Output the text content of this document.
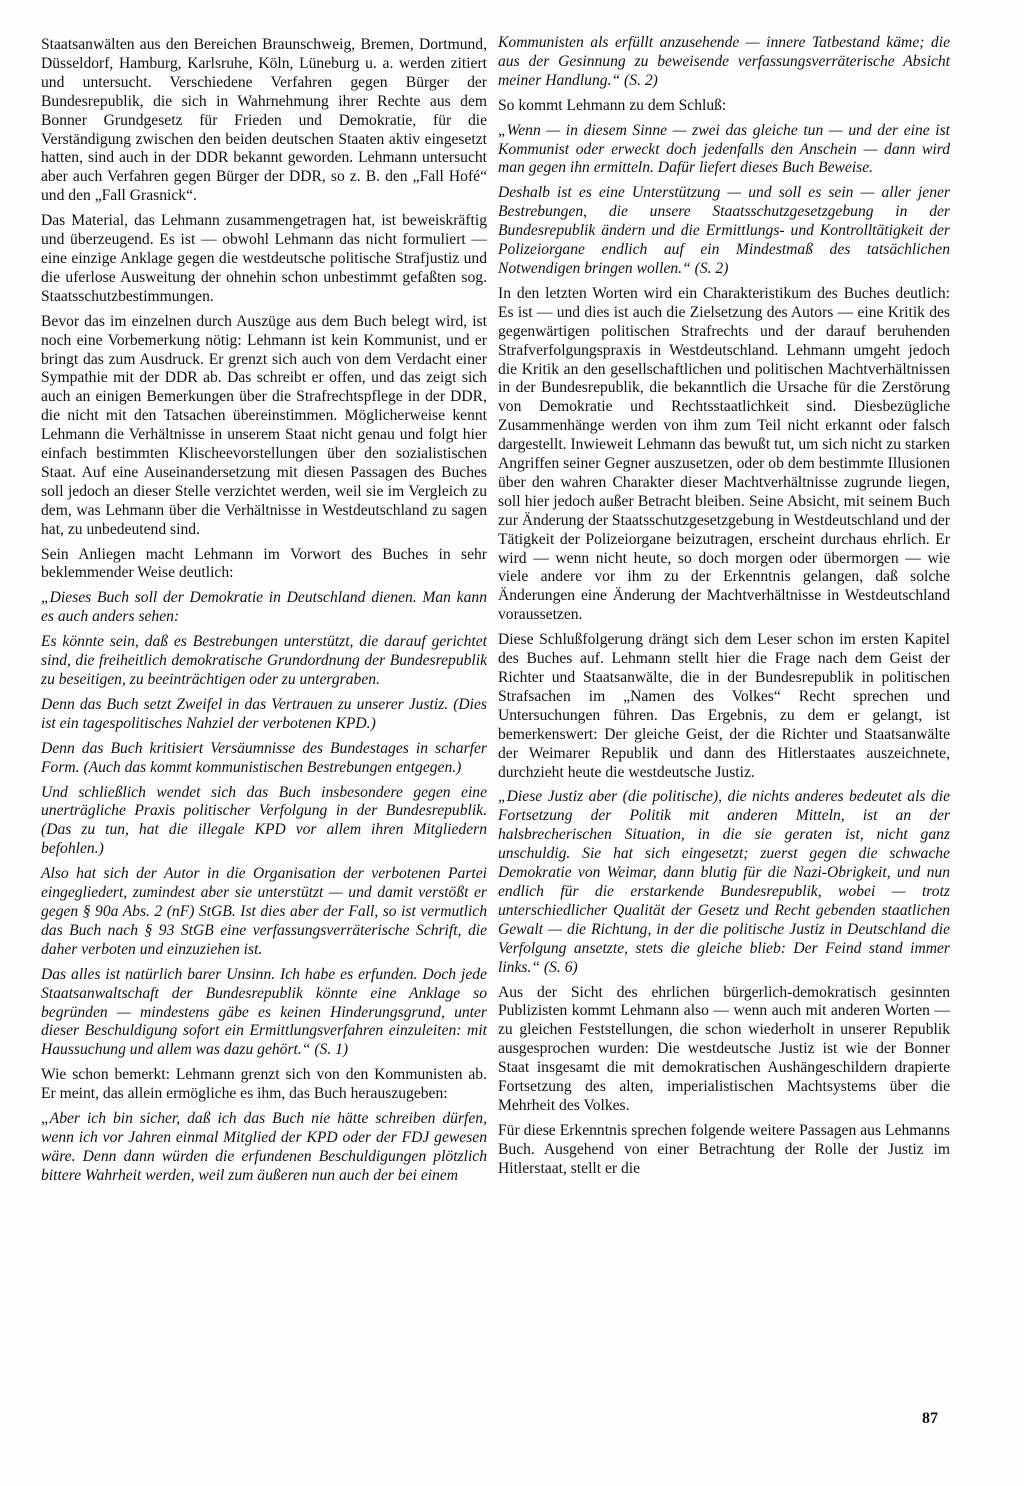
Staatsanwälten aus den Bereichen Braunschweig, Bremen, Dortmund, Düsseldorf, Hamburg, Karlsruhe, Köln, Lüneburg u. a. werden zitiert und untersucht. Verschiedene Verfahren gegen Bürger der Bundesrepublik, die sich in Wahrnehmung ihrer Rechte aus dem Bonner Grundgesetz für Frieden und Demokratie, für die Verständigung zwischen den beiden deutschen Staaten aktiv eingesetzt hatten, sind auch in der DDR bekannt geworden. Lehmann untersucht aber auch Verfahren gegen Bürger der DDR, so z. B. den „Fall Hofé“ und den „Fall Grasnick“.

Das Material, das Lehmann zusammengetragen hat, ist beweiskräftig und überzeugend. Es ist — obwohl Lehmann das nicht formuliert — eine einzige Anklage gegen die westdeutsche politische Strafjustiz und die uferlose Ausweitung der ohnehin schon unbestimmt gefaßten sog. Staatsschutzbestimmungen.

Bevor das im einzelnen durch Auszüge aus dem Buch belegt wird, ist noch eine Vorbemerkung nötig: Lehmann ist kein Kommunist, und er bringt das zum Ausdruck. Er grenzt sich auch von dem Verdacht einer Sympathie mit der DDR ab. Das schreibt er offen, und das zeigt sich auch an einigen Bemerkungen über die Strafrechtspflege in der DDR, die nicht mit den Tatsachen übereinstimmen. Möglicherweise kennt Lehmann die Verhältnisse in unserem Staat nicht genau und folgt hier einfach bestimmten Klischeevorstellungen über den sozialistischen Staat. Auf eine Auseinandersetzung mit diesen Passagen des Buches soll jedoch an dieser Stelle verzichtet werden, weil sie im Vergleich zu dem, was Lehmann über die Verhältnisse in Westdeutschland zu sagen hat, zu unbedeutend sind.

Sein Anliegen macht Lehmann im Vorwort des Buches in sehr beklemmender Weise deutlich:

„Dieses Buch soll der Demokratie in Deutschland dienen. Man kann es auch anders sehen:

Es könnte sein, daß es Bestrebungen unterstützt, die darauf gerichtet sind, die freiheitlich demokratische Grundordnung der Bundesrepublik zu beseitigen, zu beeinträchtigen oder zu untergraben.

Denn das Buch setzt Zweifel in das Vertrauen zu unserer Justiz. (Dies ist ein tagespolitisches Nahziel der verbotenen KPD.)

Denn das Buch kritisiert Versäumnisse des Bundestages in scharfer Form. (Auch das kommt kommunistischen Bestrebungen entgegen.)

Und schließlich wendet sich das Buch insbesondere gegen eine unerträgliche Praxis politischer Verfolgung in der Bundesrepublik. (Das zu tun, hat die illegale KPD vor allem ihren Mitgliedern befohlen.)

Also hat sich der Autor in die Organisation der verbotenen Partei eingegliedert, zumindest aber sie unterstützt — und damit verstößt er gegen § 90a Abs. 2 (nF) StGB. Ist dies aber der Fall, so ist vermutlich das Buch nach § 93 StGB eine verfassungsverräterische Schrift, die daher verboten und einzuziehen ist.

Das alles ist natürlich barer Unsinn. Ich habe es erfunden. Doch jede Staatsanwaltschaft der Bundesrepublik könnte eine Anklage so begründen — mindestens gäbe es keinen Hinderungsgrund, unter dieser Beschuldigung sofort ein Ermittlungsverfahren einzuleiten: mit Haussuchung und allem was dazu gehört.“ (S. 1)

Wie schon bemerkt: Lehmann grenzt sich von den Kommunisten ab. Er meint, das allein ermögliche es ihm, das Buch herauszugeben:

„Aber ich bin sicher, daß ich das Buch nie hätte schreiben dürfen, wenn ich vor Jahren einmal Mitglied der KPD oder der FDJ gewesen wäre. Denn dann würden die erfundenen Beschuldigungen plötzlich bittere Wahrheit werden, weil zum äußeren nun auch der bei einem

Kommunisten als erfüllt anzusehende — innere Tatbestand käme; die aus der Gesinnung zu beweisende verfassungsverräterische Absicht meiner Handlung.“ (S. 2)

So kommt Lehmann zu dem Schluß:

„Wenn — in diesem Sinne — zwei das gleiche tun — und der eine ist Kommunist oder erweckt doch jedenfalls den Anschein — dann wird man gegen ihn ermitteln. Dafür liefert dieses Buch Beweise.

Deshalb ist es eine Unterstützung — und soll es sein — aller jener Bestrebungen, die unsere Staatsschutzgesetzgebung in der Bundesrepublik ändern und die Ermittlungs- und Kontrolltätigkeit der Polizeiorgane endlich auf ein Mindestmaß des tatsächlichen Notwendigen bringen wollen.“ (S. 2)

In den letzten Worten wird ein Charakteristikum des Buches deutlich: Es ist — und dies ist auch die Zielsetzung des Autors — eine Kritik des gegenwärtigen politischen Strafrechts und der darauf beruhenden Strafverfolgungspraxis in Westdeutschland. Lehmann umgeht jedoch die Kritik an den gesellschaftlichen und politischen Machtverhältnissen in der Bundesrepublik, die bekanntlich die Ursache für die Zerstörung von Demokratie und Rechtsstaatlichkeit sind. Diesbezügliche Zusammenhänge werden von ihm zum Teil nicht erkannt oder falsch dargestellt. Inwieweit Lehmann das bewußt tut, um sich nicht zu starken Angriffen seiner Gegner auszusetzen, oder ob dem bestimmte Illusionen über den wahren Charakter dieser Machtverhältnisse zugrunde liegen, soll hier jedoch außer Betracht bleiben. Seine Absicht, mit seinem Buch zur Änderung der Staatsschutzgesetzgebung in Westdeutschland und der Tätigkeit der Polizeiorgane beizutragen, erscheint durchaus ehrlich. Er wird — wenn nicht heute, so doch morgen oder übermorgen — wie viele andere vor ihm zu der Erkenntnis gelangen, daß solche Änderungen eine Änderung der Machtverhältnisse in Westdeutschland voraussetzen.

Diese Schlußfolgerung drängt sich dem Leser schon im ersten Kapitel des Buches auf. Lehmann stellt hier die Frage nach dem Geist der Richter und Staatsanwälte, die in der Bundesrepublik in politischen Strafsachen im „Namen des Volkes“ Recht sprechen und Untersuchungen führen. Das Ergebnis, zu dem er gelangt, ist bemerkenswert: Der gleiche Geist, der die Richter und Staatsanwälte der Weimarer Republik und dann des Hitlerstaates auszeichnete, durchzieht heute die westdeutsche Justiz.

„Diese Justiz aber (die politische), die nichts anderes bedeutet als die Fortsetzung der Politik mit anderen Mitteln, ist an der halsbrecherischen Situation, in die sie geraten ist, nicht ganz unschuldig. Sie hat sich eingesetzt; zuerst gegen die schwache Demokratie von Weimar, dann blutig für die Nazi-Obrigkeit, und nun endlich für die erstarkende Bundesrepublik, wobei — trotz unterschiedlicher Qualität der Gesetz und Recht gebenden staatlichen Gewalt — die Richtung, in der die politische Justiz in Deutschland die Verfolgung ansetzte, stets die gleiche blieb: Der Feind stand immer links.“ (S. 6)

Aus der Sicht des ehrlichen bürgerlich-demokratisch gesinnten Publizisten kommt Lehmann also — wenn auch mit anderen Worten — zu gleichen Feststellungen, die schon wiederholt in unserer Republik ausgesprochen wurden: Die westdeutsche Justiz ist wie der Bonner Staat insgesamt die mit demokratischen Aushängeschildern drapierte Fortsetzung des alten, imperialistischen Machtsystems über die Mehrheit des Volkes.

Für diese Erkenntnis sprechen folgende weitere Passagen aus Lehmanns Buch. Ausgehend von einer Betrachtung der Rolle der Justiz im Hitlerstaat, stellt er die

87
